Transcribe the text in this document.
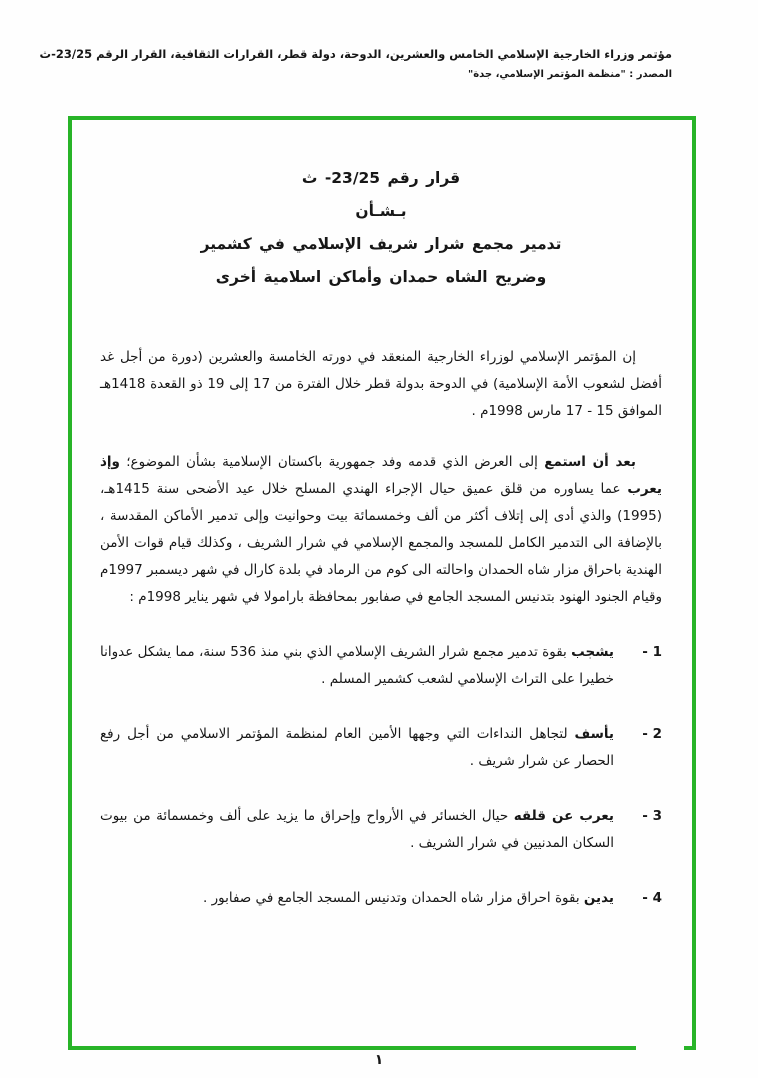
مؤتمر وزراء الخارجية الإسلامي الخامس والعشرين، الدوحة، دولة قطر، القرارات الثقافية، القرار الرقم 23/25-ث
المصدر : "منظمة المؤتمر الإسلامي، جدة"
قرار رقم 23/25- ث
بـشـأن
تدمير مجمع شرار شريف الإسلامي في كشمير
وضريح الشاه حمدان وأماكن اسلامية أخرى

إن المؤتمر الإسلامي لوزراء الخارجية المنعقد في دورته الخامسة والعشرين (دورة من أجل غد أفضل لشعوب الأمة الإسلامية) في الدوحة بدولة قطر خلال الفترة من 17 إلى 19 ذو القعدة 1418هـ الموافق 15 - 17 مارس 1998م .

بعد أن استمع إلى العرض الذي قدمه وفد جمهورية باكستان الإسلامية بشأن الموضوع؛ وإذ يعرب عما يساوره من قلق عميق حيال الإجراء الهندي المسلح خلال عيد الأضحى سنة 1415هـ، (1995) والذي أدى إلى إتلاف أكثر من ألف وخمسمائة بيت وحوانيت وإلى تدمير الأماكن المقدسة ، بالإضافة الى التدمير الكامل للمسجد والمجمع الإسلامي في شرار الشريف ، وكذلك قيام قوات الأمن الهندية باحراق مزار شاه الحمدان واحالته الى كوم من الرماد في بلدة كارال في شهر ديسمبر 1997م وقيام الجنود الهنود بتدنيس المسجد الجامع في صفابور بمحافظة بارامولا في شهر يناير 1998م :

1 -
يشجب بقوة تدمير مجمع شرار الشريف الإسلامي الذي بني منذ 536 سنة، مما يشكل عدوانا خطيرا على التراث الإسلامي لشعب كشمير المسلم .
2 -
يأسف لتجاهل النداءات التي وجهها الأمين العام لمنظمة المؤتمر الاسلامي من أجل رفع الحصار عن شرار شريف .
3 -
يعرب عن قلقه حيال الخسائر في الأرواح وإحراق ما يزيد على ألف وخمسمائة من بيوت السكان المدنيين في شرار الشريف .
4 -
يدين بقوة احراق مزار شاه الحمدان وتدنيس المسجد الجامع في صفابور .
١
